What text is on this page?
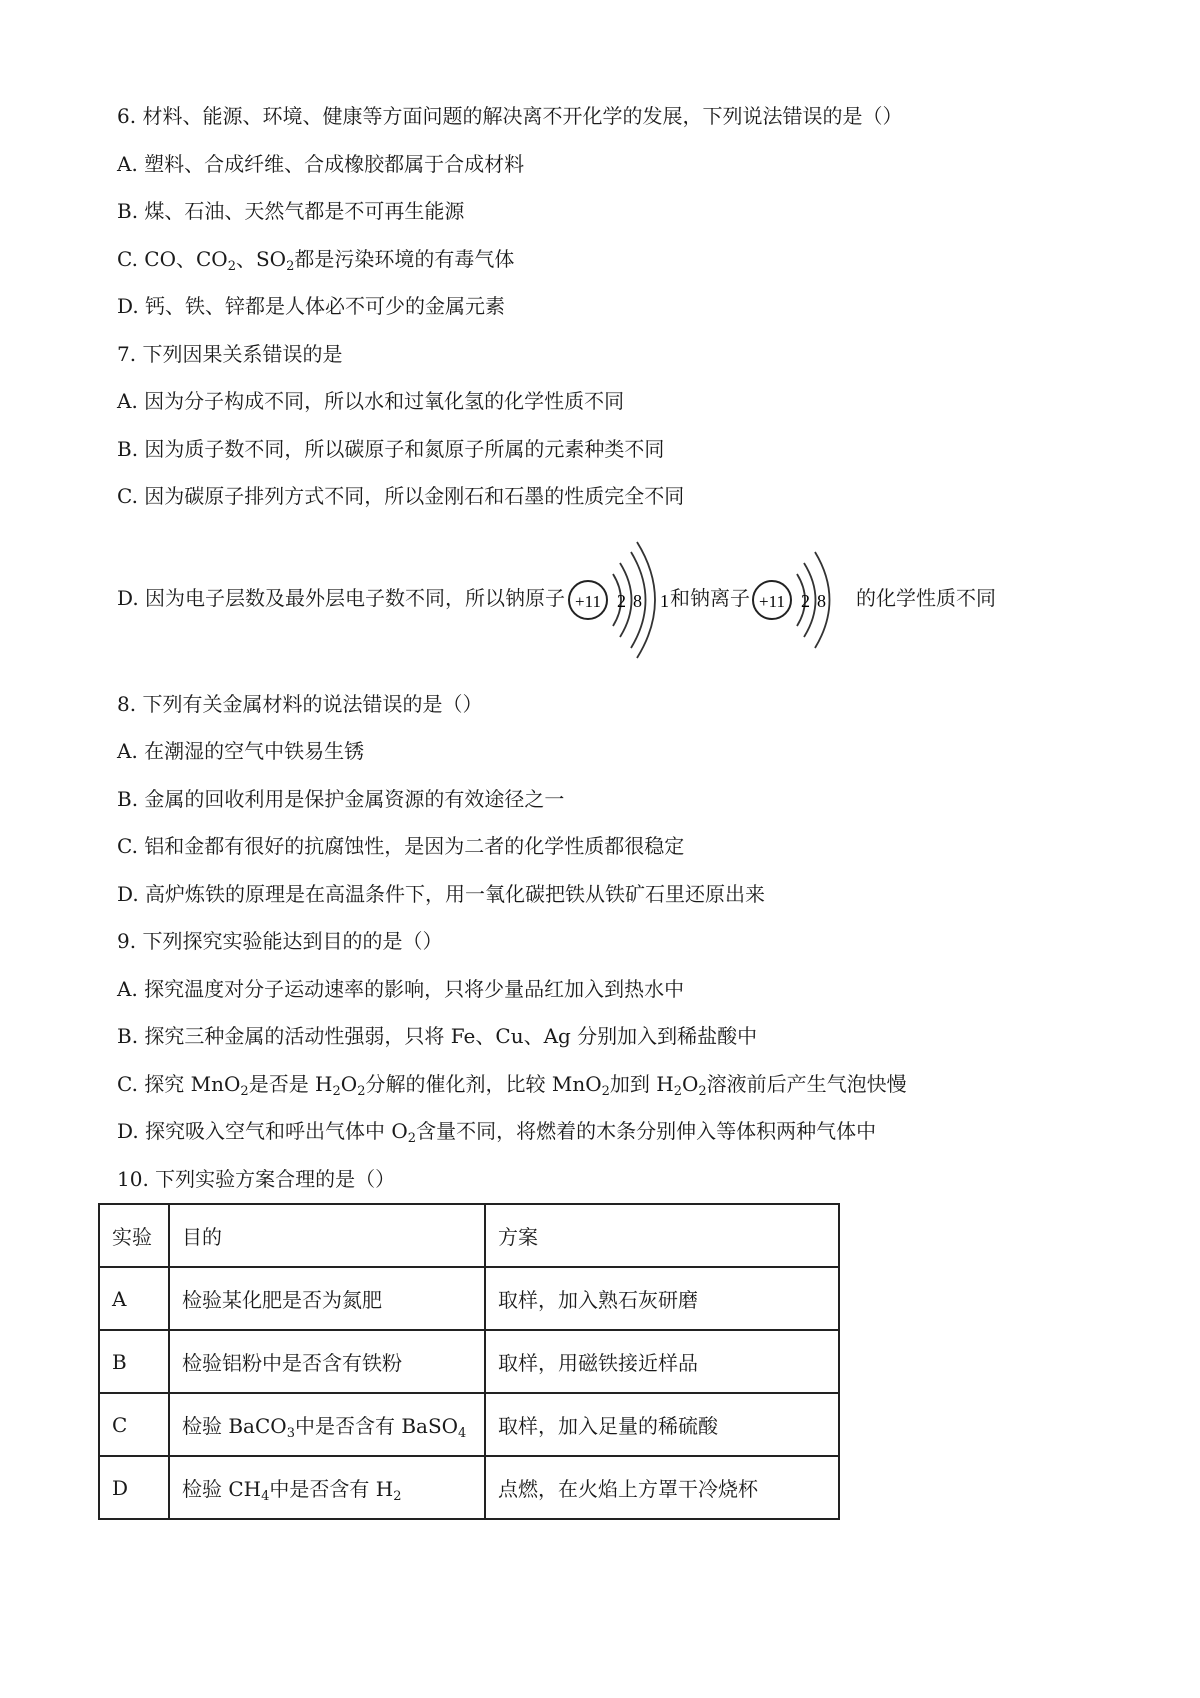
6. 材料、能源、环境、健康等方面问题的解决离不开化学的发展，下列说法错误的是（）

A. 塑料、合成纤维、合成橡胶都属于合成材料

B. 煤、石油、天然气都是不可再生能源

C. CO、$CO_2$、$SO_2$都是污染环境的有毒气体

D. 钙、铁、锌都是人体必不可少的金属元素

7. 下列因果关系错误的是

A. 因为分子构成不同，所以水和过氧化氢的化学性质不同

B. 因为质子数不同，所以碳原子和氮原子所属的元素种类不同

C. 因为碳原子排列方式不同，所以金刚石和石墨的性质完全不同

D. 因为电子层数及最外层电子数不同，所以钠原子 +11 2 8 1 和钠离子 +11 2 8 的化学性质不同

8. 下列有关金属材料的说法错误的是（）

A. 在潮湿的空气中铁易生锈

B. 金属的回收利用是保护金属资源的有效途径之一

C. 铝和金都有很好的抗腐蚀性，是因为二者的化学性质都很稳定

D. 高炉炼铁的原理是在高温条件下，用一氧化碳把铁从铁矿石里还原出来

9. 下列探究实验能达到目的的是（）

A. 探究温度对分子运动速率的影响，只将少量品红加入到热水中

B. 探究三种金属的活动性强弱，只将 Fe、Cu、Ag 分别加入到稀盐酸中

C. 探究 MnO$_2$是否是 $H_2O_2$分解的催化剂，比较 MnO$_2$加到 $H_2O_2$溶液前后产生气泡快慢

D. 探究吸入空气和呼出气体中 $O_2$含量不同，将燃着的木条分别伸入等体积两种气体中

10. 下列实验方案合理的是（）

实验	目的	方案
A	检验某化肥是否为氮肥	取样，加入熟石灰研磨
B	检验铝粉中是否含有铁粉	取样，用磁铁接近样品
C	检验 BaCO$_3$中是否含有 BaSO$_4$	取样，加入足量的稀硫酸
D	检验 $CH_4$中是否含有 $H_2$	点燃，在火焰上方罩干冷烧杯
